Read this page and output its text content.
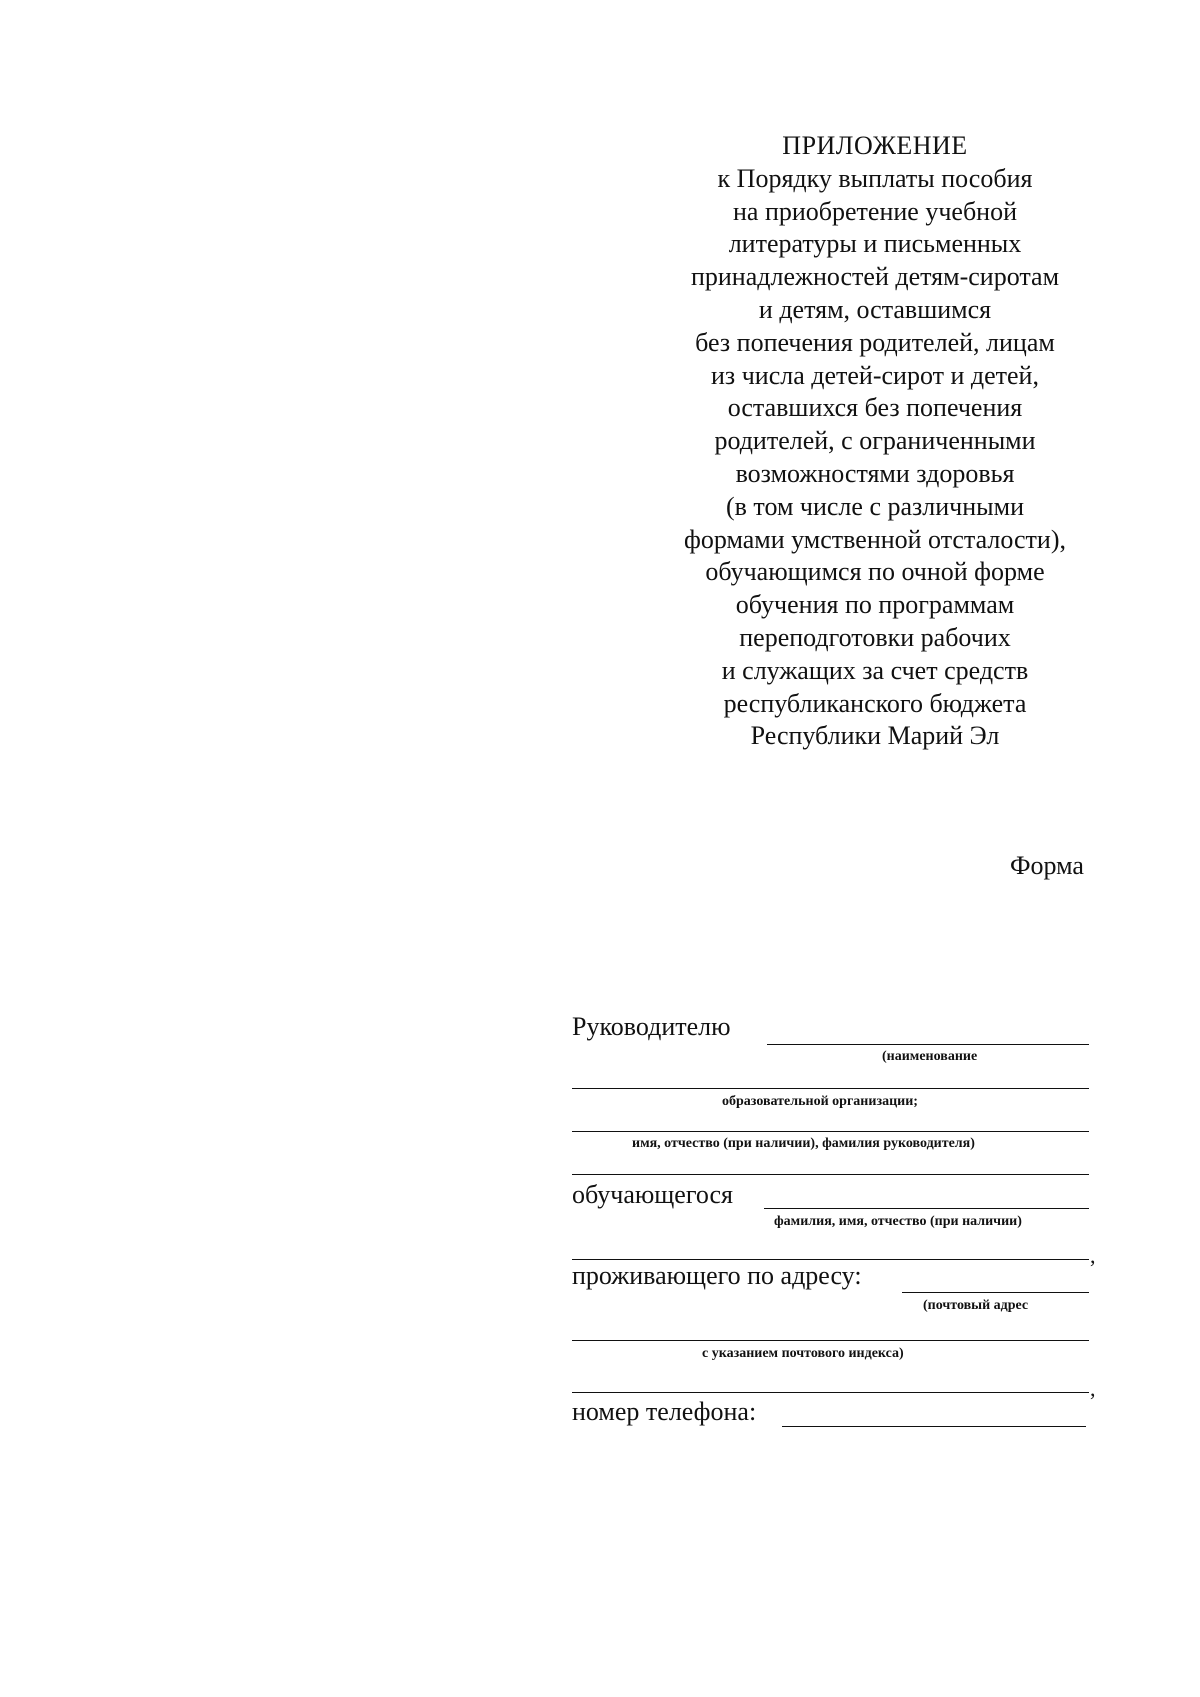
ПРИЛОЖЕНИЕ
к Порядку выплаты пособия
на приобретение учебной
литературы и письменных
принадлежностей детям-сиротам
и детям, оставшимся
без попечения родителей, лицам
из числа детей-сирот и детей,
оставшихся без попечения
родителей, с ограниченными
возможностями здоровья
(в том числе с различными
формами умственной отсталости),
обучающимся по очной форме
обучения по программам
переподготовки рабочих
и служащих за счет средств
республиканского бюджета
Республики Марий Эл
Форма
Руководителю
(наименование
образовательной организации;
имя, отчество (при наличии), фамилия руководителя)
обучающегося
фамилия, имя, отчество (при наличии)
,
проживающего по адресу:
(почтовый адрес
с указанием почтового индекса)
,
номер телефона:
